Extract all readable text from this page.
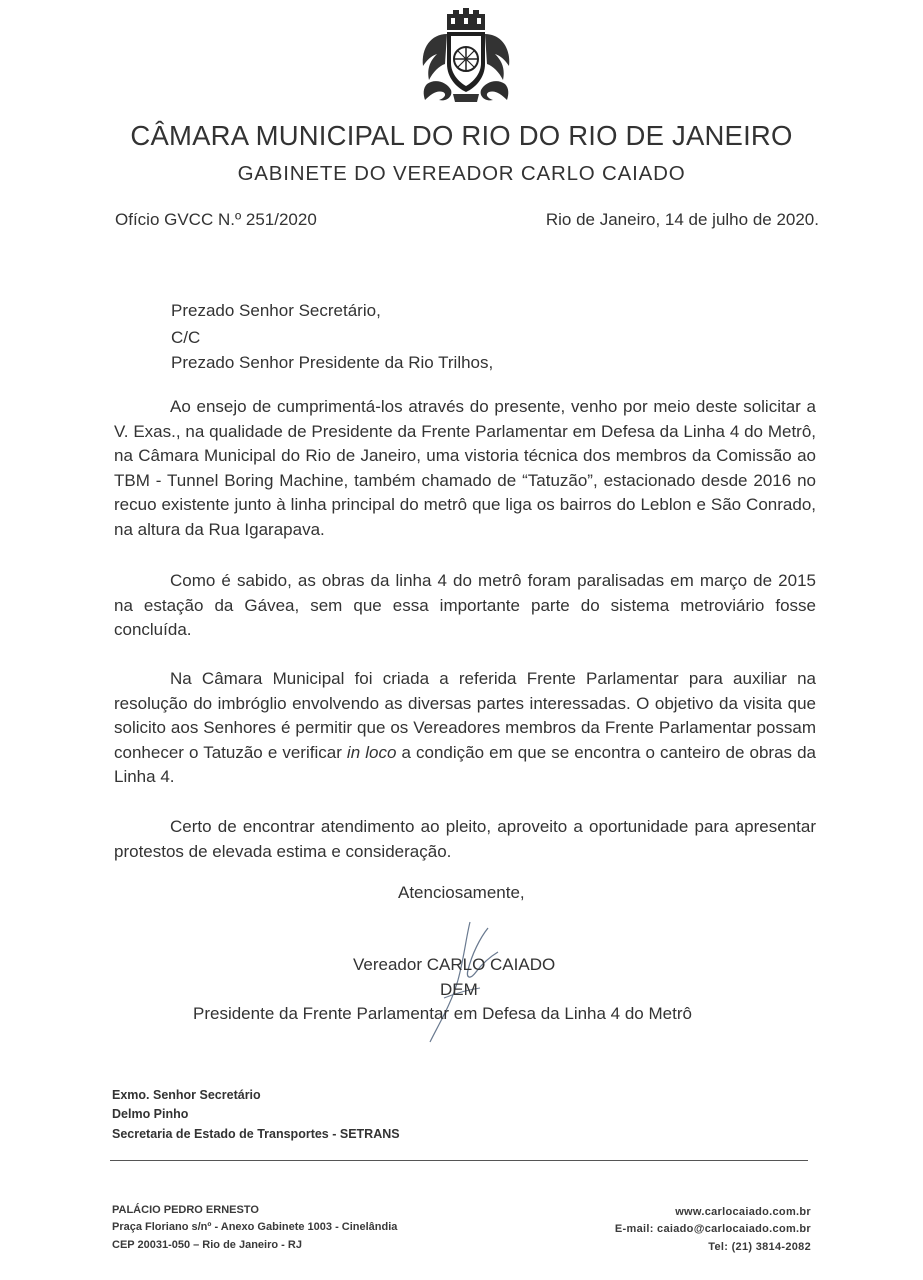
CÂMARA MUNICIPAL DO RIO DO RIO DE JANEIRO
GABINETE DO VEREADOR CARLO CAIADO
Ofício GVCC N.º 251/2020	Rio de Janeiro, 14 de julho de 2020.
Prezado Senhor Secretário,
C/C
Prezado Senhor Presidente da Rio Trilhos,

Ao ensejo de cumprimentá-los através do presente, venho por meio deste solicitar a V. Exas., na qualidade de Presidente da Frente Parlamentar em Defesa da Linha 4 do Metrô, na Câmara Municipal do Rio de Janeiro, uma vistoria técnica dos membros da Comissão ao TBM - Tunnel Boring Machine, também chamado de “Tatuzão”, estacionado desde 2016 no recuo existente junto à linha principal do metrô que liga os bairros do Leblon e São Conrado, na altura da Rua Igarapava.

Como é sabido, as obras da linha 4 do metrô foram paralisadas em março de 2015 na estação da Gávea, sem que essa importante parte do sistema metroviário fosse concluída.

Na Câmara Municipal foi criada a referida Frente Parlamentar para auxiliar na resolução do imbróglio envolvendo as diversas partes interessadas. O objetivo da visita que solicito aos Senhores é permitir que os Vereadores membros da Frente Parlamentar possam conhecer o Tatuzão e verificar in loco a condição em que se encontra o canteiro de obras da Linha 4.

Certo de encontrar atendimento ao pleito, aproveito a oportunidade para apresentar protestos de elevada estima e consideração.

Atenciosamente,
Vereador CARLO CAIADO
DEM
Presidente da Frente Parlamentar em Defesa da Linha 4 do Metrô
Exmo. Senhor Secretário
Delmo Pinho
Secretaria de Estado de Transportes - SETRANS
PALÁCIO PEDRO ERNESTO
Praça Floriano s/nº - Anexo Gabinete 1003 - Cinelândia
CEP 20031-050 – Rio de Janeiro - RJ
www.carlocaiado.com.br
E-mail: caiado@carlocaiado.com.br
Tel: (21) 3814-2082
